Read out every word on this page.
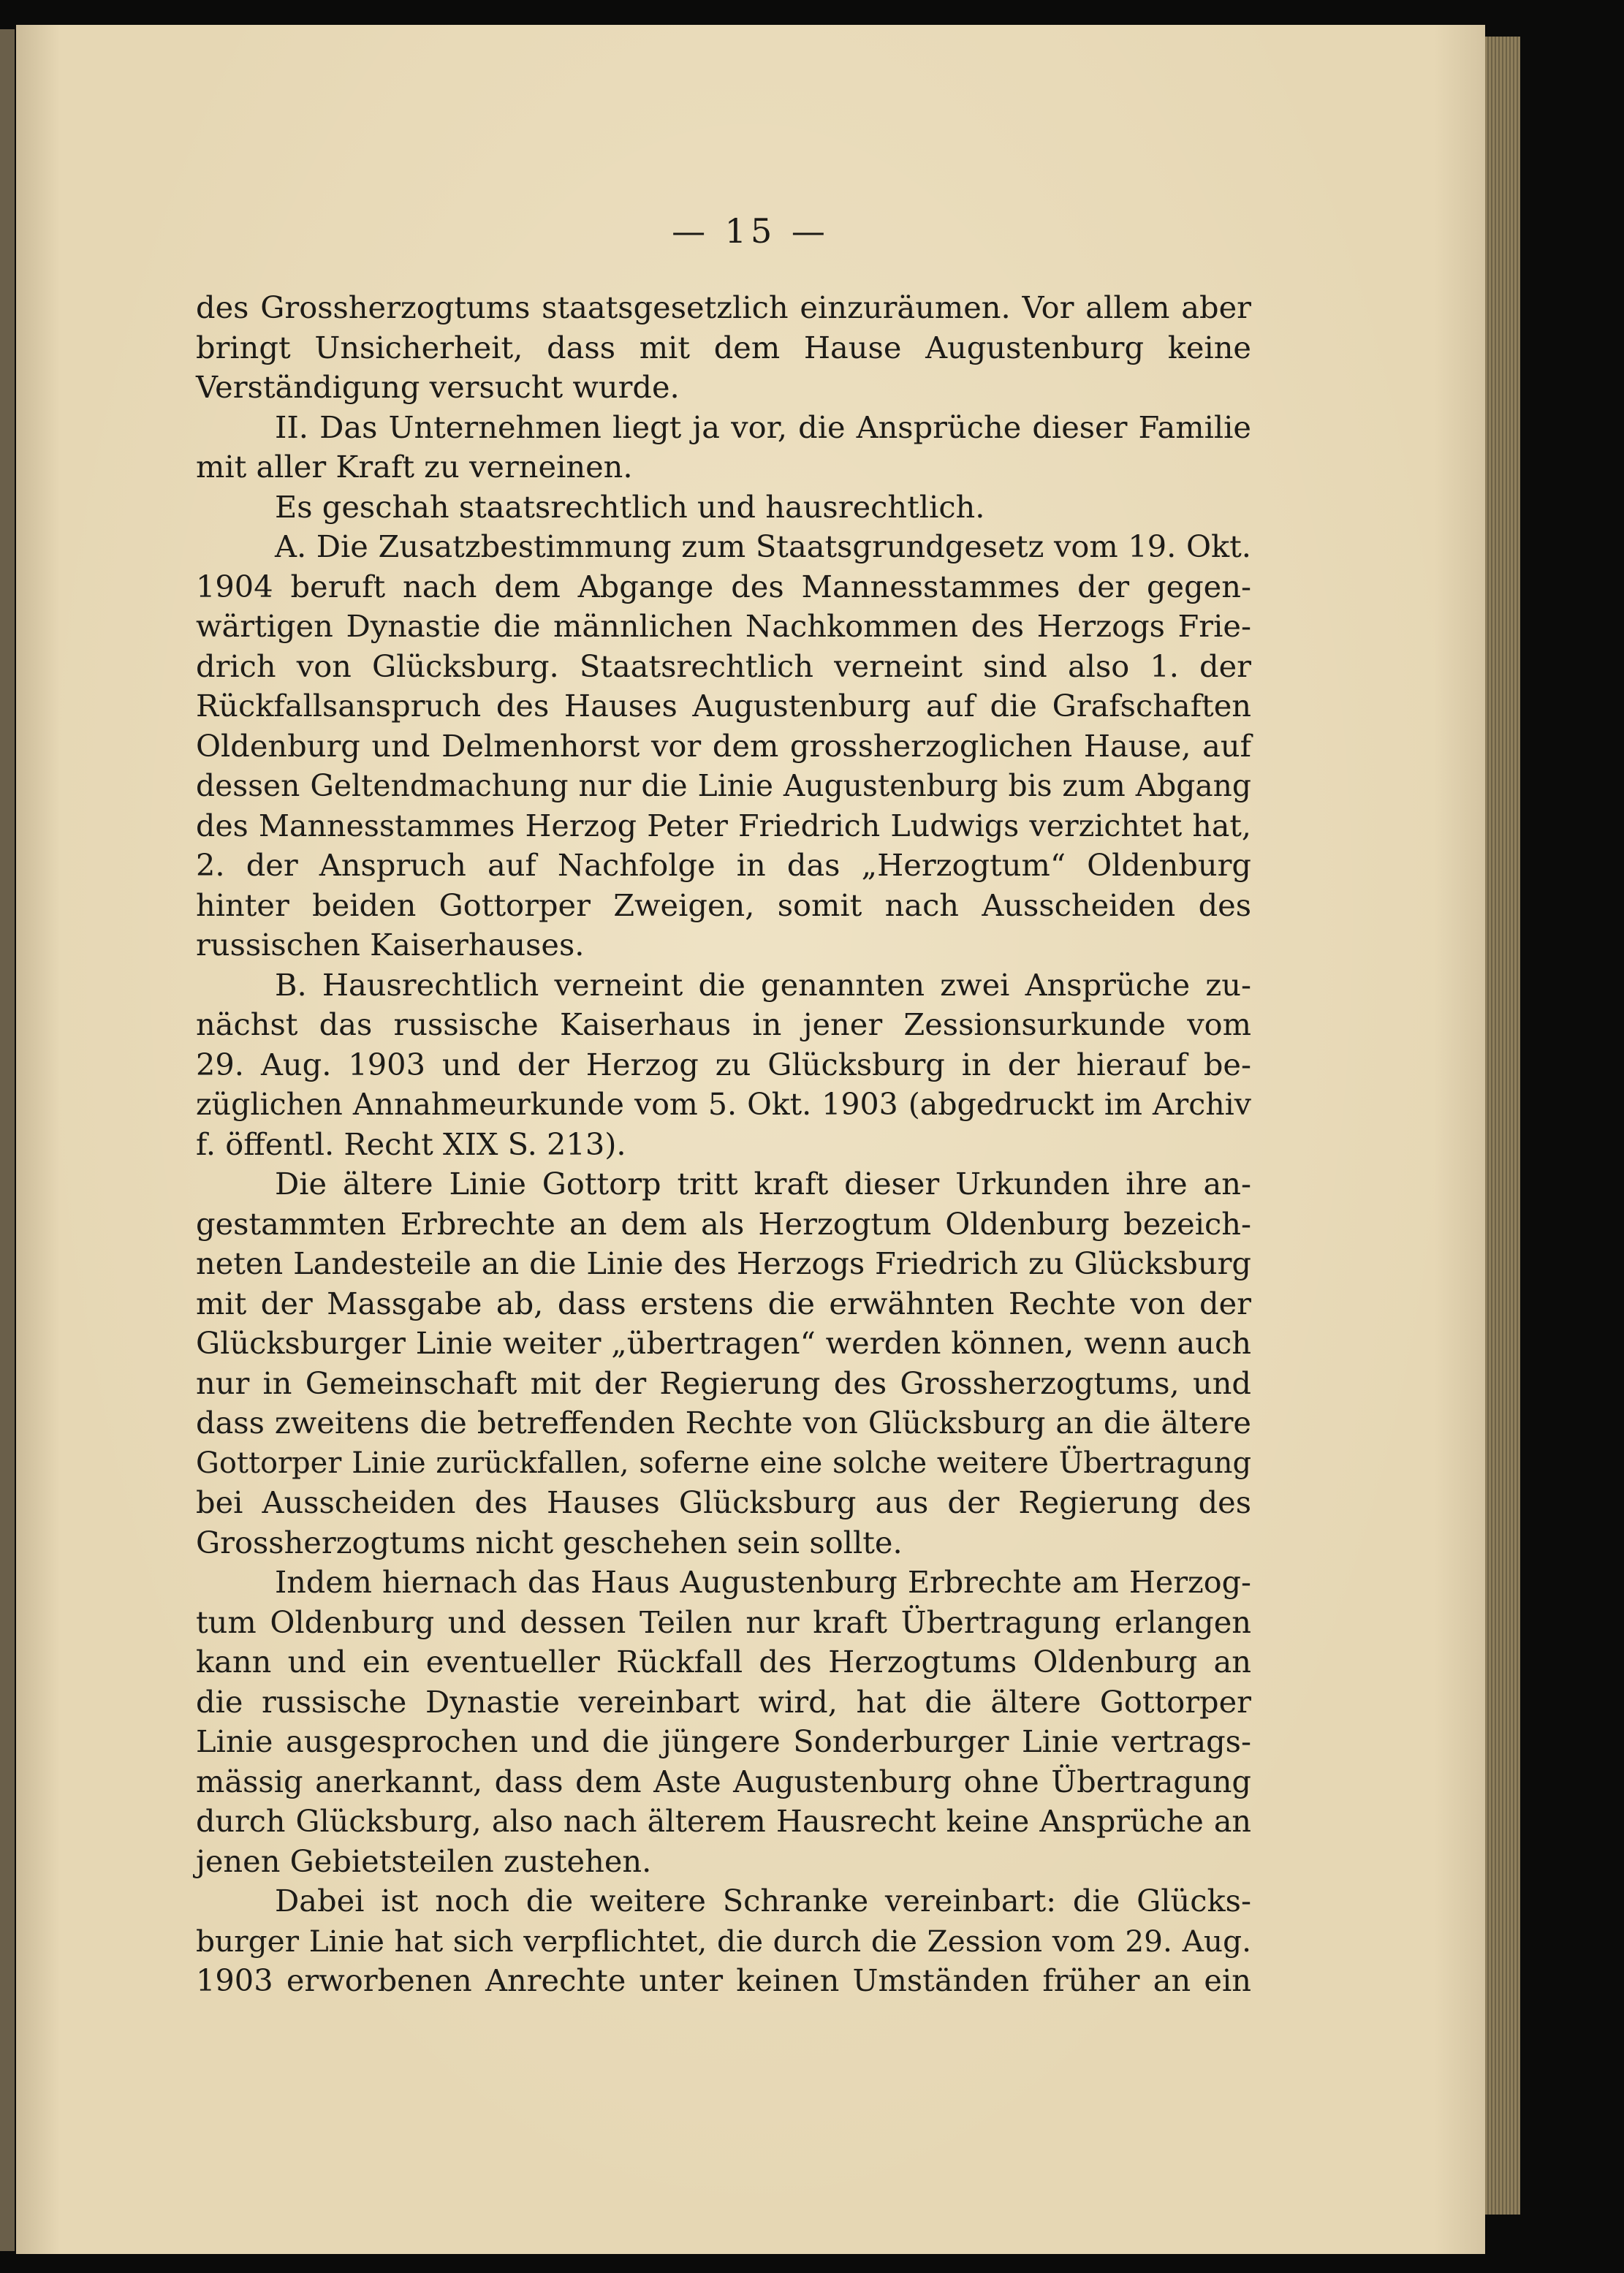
— 15 —
des Grossherzogtums staatsgesetzlich einzuräumen. Vor allem aber
bringt Unsicherheit, dass mit dem Hause Augustenburg keine
Verständigung versucht wurde.
II. Das Unternehmen liegt ja vor, die Ansprüche dieser Familie
mit aller Kraft zu verneinen.
Es geschah staatsrechtlich und hausrechtlich.
A. Die Zusatzbestimmung zum Staatsgrundgesetz vom 19. Okt.
1904 beruft nach dem Abgange des Mannesstammes der gegen-
wärtigen Dynastie die männlichen Nachkommen des Herzogs Frie-
drich von Glücksburg. Staatsrechtlich verneint sind also 1. der
Rückfallsanspruch des Hauses Augustenburg auf die Grafschaften
Oldenburg und Delmenhorst vor dem grossherzoglichen Hause, auf
dessen Geltendmachung nur die Linie Augustenburg bis zum Abgang
des Mannesstammes Herzog Peter Friedrich Ludwigs verzichtet hat,
2. der Anspruch auf Nachfolge in das „Herzogtum“ Oldenburg
hinter beiden Gottorper Zweigen, somit nach Ausscheiden des
russischen Kaiserhauses.
B. Hausrechtlich verneint die genannten zwei Ansprüche zu-
nächst das russische Kaiserhaus in jener Zessionsurkunde vom
29. Aug. 1903 und der Herzog zu Glücksburg in der hierauf be-
züglichen Annahmeurkunde vom 5. Okt. 1903 (abgedruckt im Archiv
f. öffentl. Recht XIX S. 213).
Die ältere Linie Gottorp tritt kraft dieser Urkunden ihre an-
gestammten Erbrechte an dem als Herzogtum Oldenburg bezeich-
neten Landesteile an die Linie des Herzogs Friedrich zu Glücksburg
mit der Massgabe ab, dass erstens die erwähnten Rechte von der
Glücksburger Linie weiter „übertragen“ werden können, wenn auch
nur in Gemeinschaft mit der Regierung des Grossherzogtums, und
dass zweitens die betreffenden Rechte von Glücksburg an die ältere
Gottorper Linie zurückfallen, soferne eine solche weitere Übertragung
bei Ausscheiden des Hauses Glücksburg aus der Regierung des
Grossherzogtums nicht geschehen sein sollte.
Indem hiernach das Haus Augustenburg Erbrechte am Herzog-
tum Oldenburg und dessen Teilen nur kraft Übertragung erlangen
kann und ein eventueller Rückfall des Herzogtums Oldenburg an
die russische Dynastie vereinbart wird, hat die ältere Gottorper
Linie ausgesprochen und die jüngere Sonderburger Linie vertrags-
mässig anerkannt, dass dem Aste Augustenburg ohne Übertragung
durch Glücksburg, also nach älterem Hausrecht keine Ansprüche an
jenen Gebietsteilen zustehen.
Dabei ist noch die weitere Schranke vereinbart: die Glücks-
burger Linie hat sich verpflichtet, die durch die Zession vom 29. Aug.
1903 erworbenen Anrechte unter keinen Umständen früher an ein
